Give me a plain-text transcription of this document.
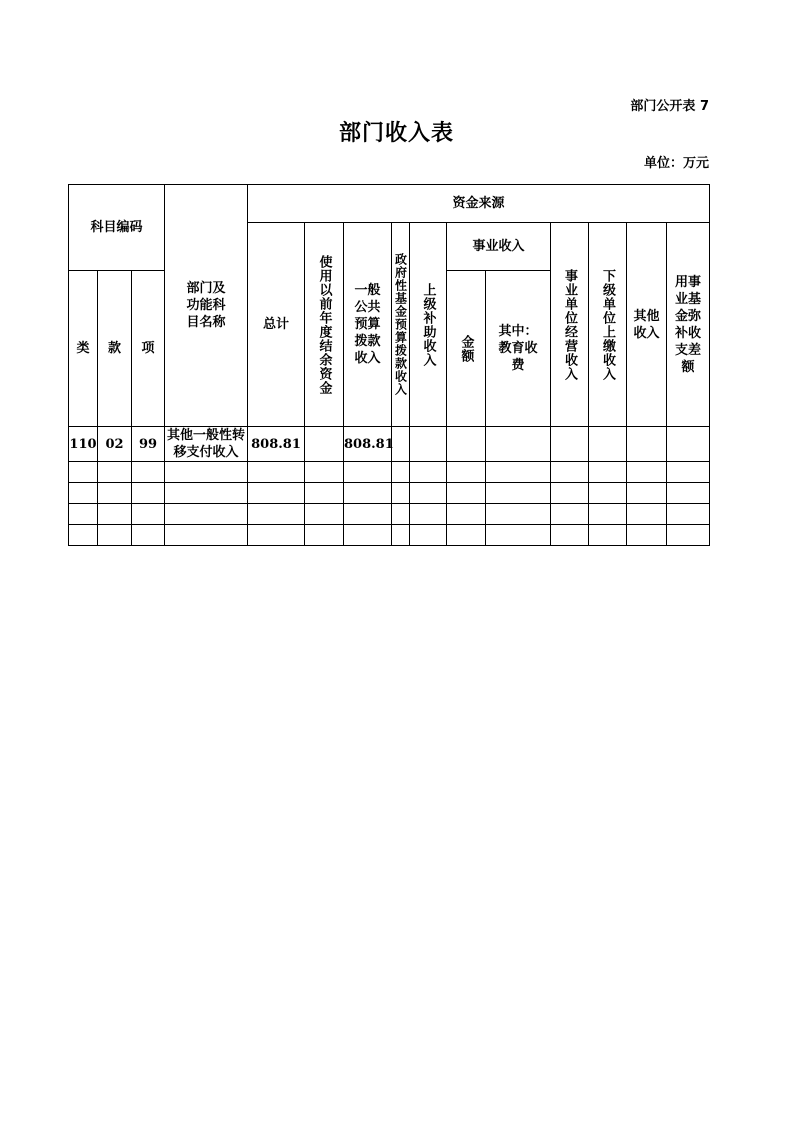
部门公开表 7
部门收入表
单位：万元
科目编码			部门及功能科目名称	资金来源										
				总计	使用以前年度结余资金	一般公共预算拨款收入	政府性基金预算拨款收入	上级补助收入	事业收入		事业单位经营收入	下级单位上缴收入	其他收入	用事业基金弥补收支差额
类	款	项							金额	其中：教育收费				
110	02	99	其他一般性转移支付收入	808.81		808.81								
